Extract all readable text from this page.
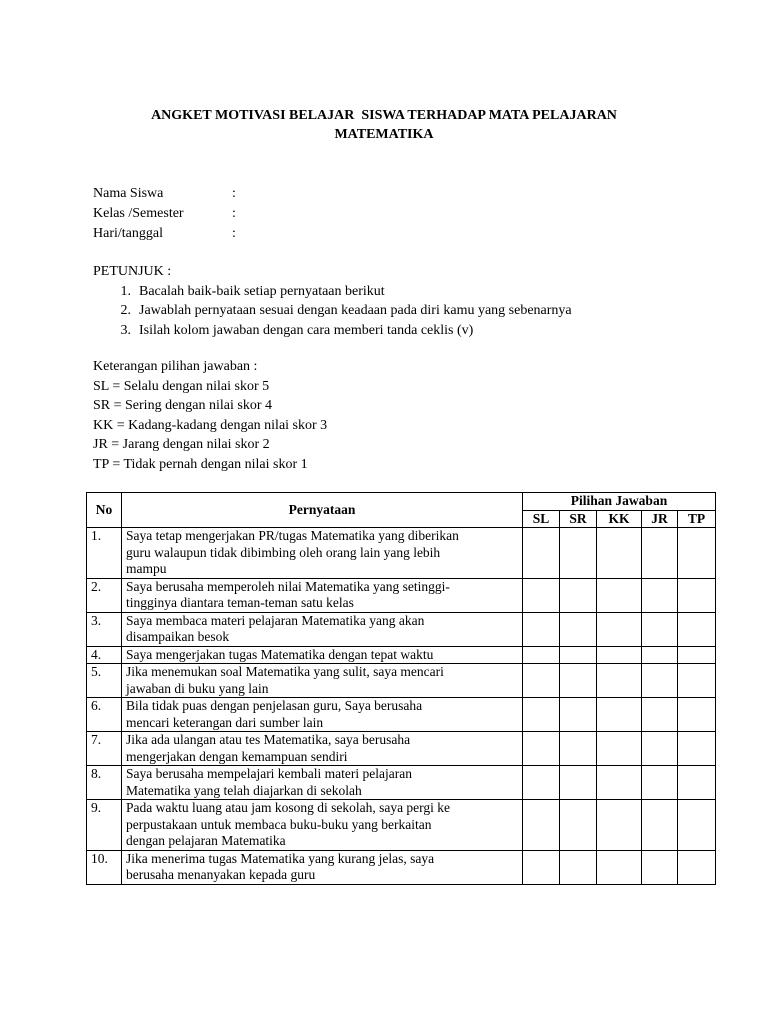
ANGKET MOTIVASI BELAJAR  SISWA TERHADAP MATA PELAJARAN
MATEMATIKA
Nama Siswa	:
Kelas /Semester	:
Hari/tanggal	:
PETUNJUK :
1. Bacalah baik-baik setiap pernyataan berikut
2. Jawablah pernyataan sesuai dengan keadaan pada diri kamu yang sebenarnya
3. Isilah kolom jawaban dengan cara memberi tanda ceklis (v)
Keterangan pilihan jawaban :
SL = Selalu dengan nilai skor 5
SR = Sering dengan nilai skor 4
KK = Kadang-kadang dengan nilai skor 3
JR = Jarang dengan nilai skor 2
TP = Tidak pernah dengan nilai skor 1
No	Pernyataan	Pilihan Jawaban				
		SL	SR	KK	JR	TP
1.	Saya tetap mengerjakan PR/tugas Matematika yang diberikan
guru walaupun tidak dibimbing oleh orang lain yang lebih
mampu					

2.	Saya berusaha memperoleh nilai Matematika yang setinggi-
tingginya diantara teman-teman satu kelas					

3.	Saya membaca materi pelajaran Matematika yang akan
disampaikan besok					

4.	Saya mengerjakan tugas Matematika dengan tepat waktu					

5.	Jika menemukan soal Matematika yang sulit, saya mencari
jawaban di buku yang lain					

6.	Bila tidak puas dengan penjelasan guru, Saya berusaha
mencari keterangan dari sumber lain					

7.	Jika ada ulangan atau tes Matematika, saya berusaha
mengerjakan dengan kemampuan sendiri					

8.	Saya berusaha mempelajari kembali materi pelajaran
Matematika yang telah diajarkan di sekolah					

9.	Pada waktu luang atau jam kosong di sekolah, saya pergi ke
perpustakaan untuk membaca buku-buku yang berkaitan
dengan pelajaran Matematika					

10.	Jika menerima tugas Matematika yang kurang jelas, saya
berusaha menanyakan kepada guru					
